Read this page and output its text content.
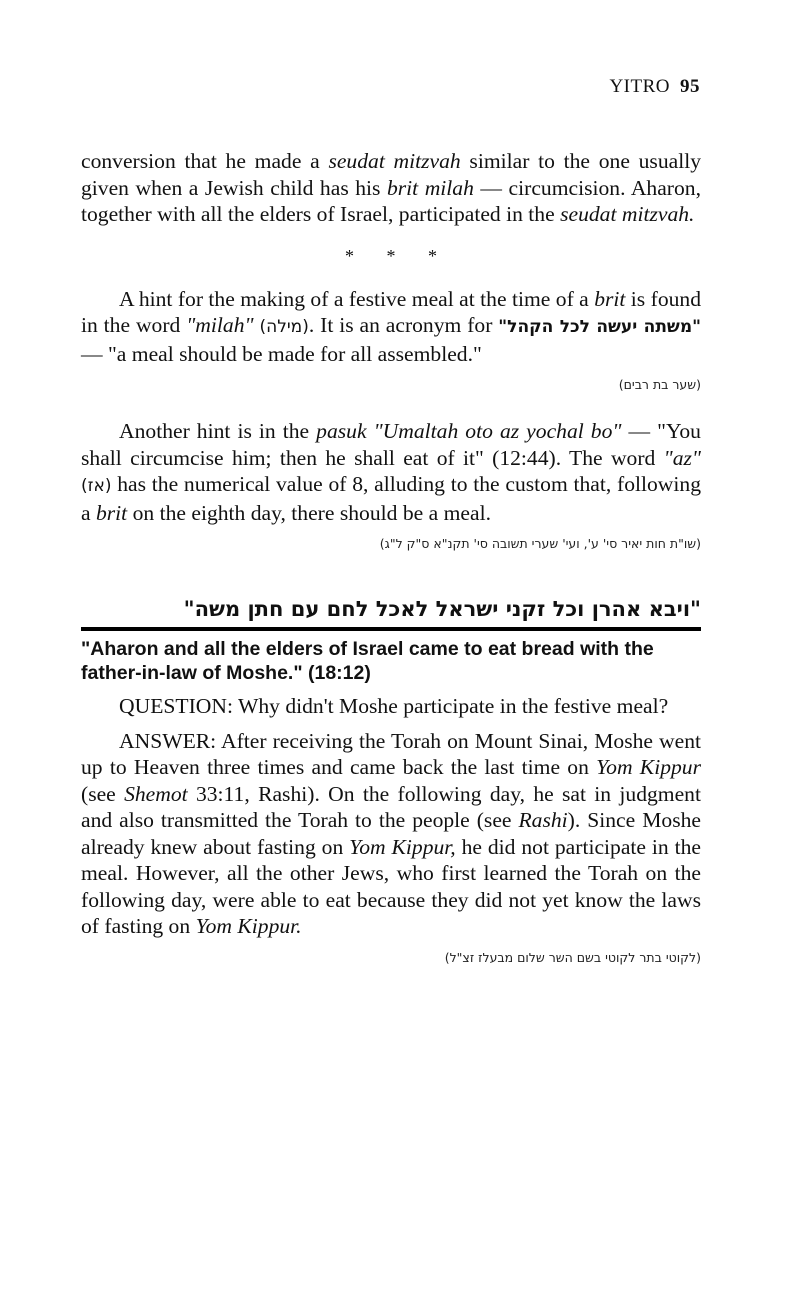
YITRO 95

conversion that he made a seudat mitzvah similar to the one usually given when a Jewish child has his brit milah — circumcision. Aharon, together with all the elders of Israel, participated in the seudat mitzvah.

* * *

A hint for the making of a festive meal at the time of a brit is found in the word "milah" (מילה). It is an acronym for "משתה יעשה לכל הקהל" — "a meal should be made for all assembled."

(שער בת רבים)

Another hint is in the pasuk "Umaltah oto az yochal bo" — "You shall circumcise him; then he shall eat of it" (12:44). The word "az" (אז) has the numerical value of 8, alluding to the custom that, following a brit on the eighth day, there should be a meal.

(שו"ת חות יאיר סי' ע', ועי' שערי תשובה סי' תקנ"א ס"ק ל"ג)
"ויבא אהרן וכל זקני ישראל לאכל לחם עם חתן משה"
"Aharon and all the elders of Israel came to eat bread with the father-in-law of Moshe." (18:12)

QUESTION: Why didn't Moshe participate in the festive meal?

ANSWER: After receiving the Torah on Mount Sinai, Moshe went up to Heaven three times and came back the last time on Yom Kippur (see Shemot 33:11, Rashi). On the following day, he sat in judgment and also transmitted the Torah to the people (see Rashi). Since Moshe already knew about fasting on Yom Kippur, he did not participate in the meal. However, all the other Jews, who first learned the Torah on the following day, were able to eat because they did not yet know the laws of fasting on Yom Kippur.

(לקוטי בתר לקוטי בשם השר שלום מבעלז זצ"ל)
